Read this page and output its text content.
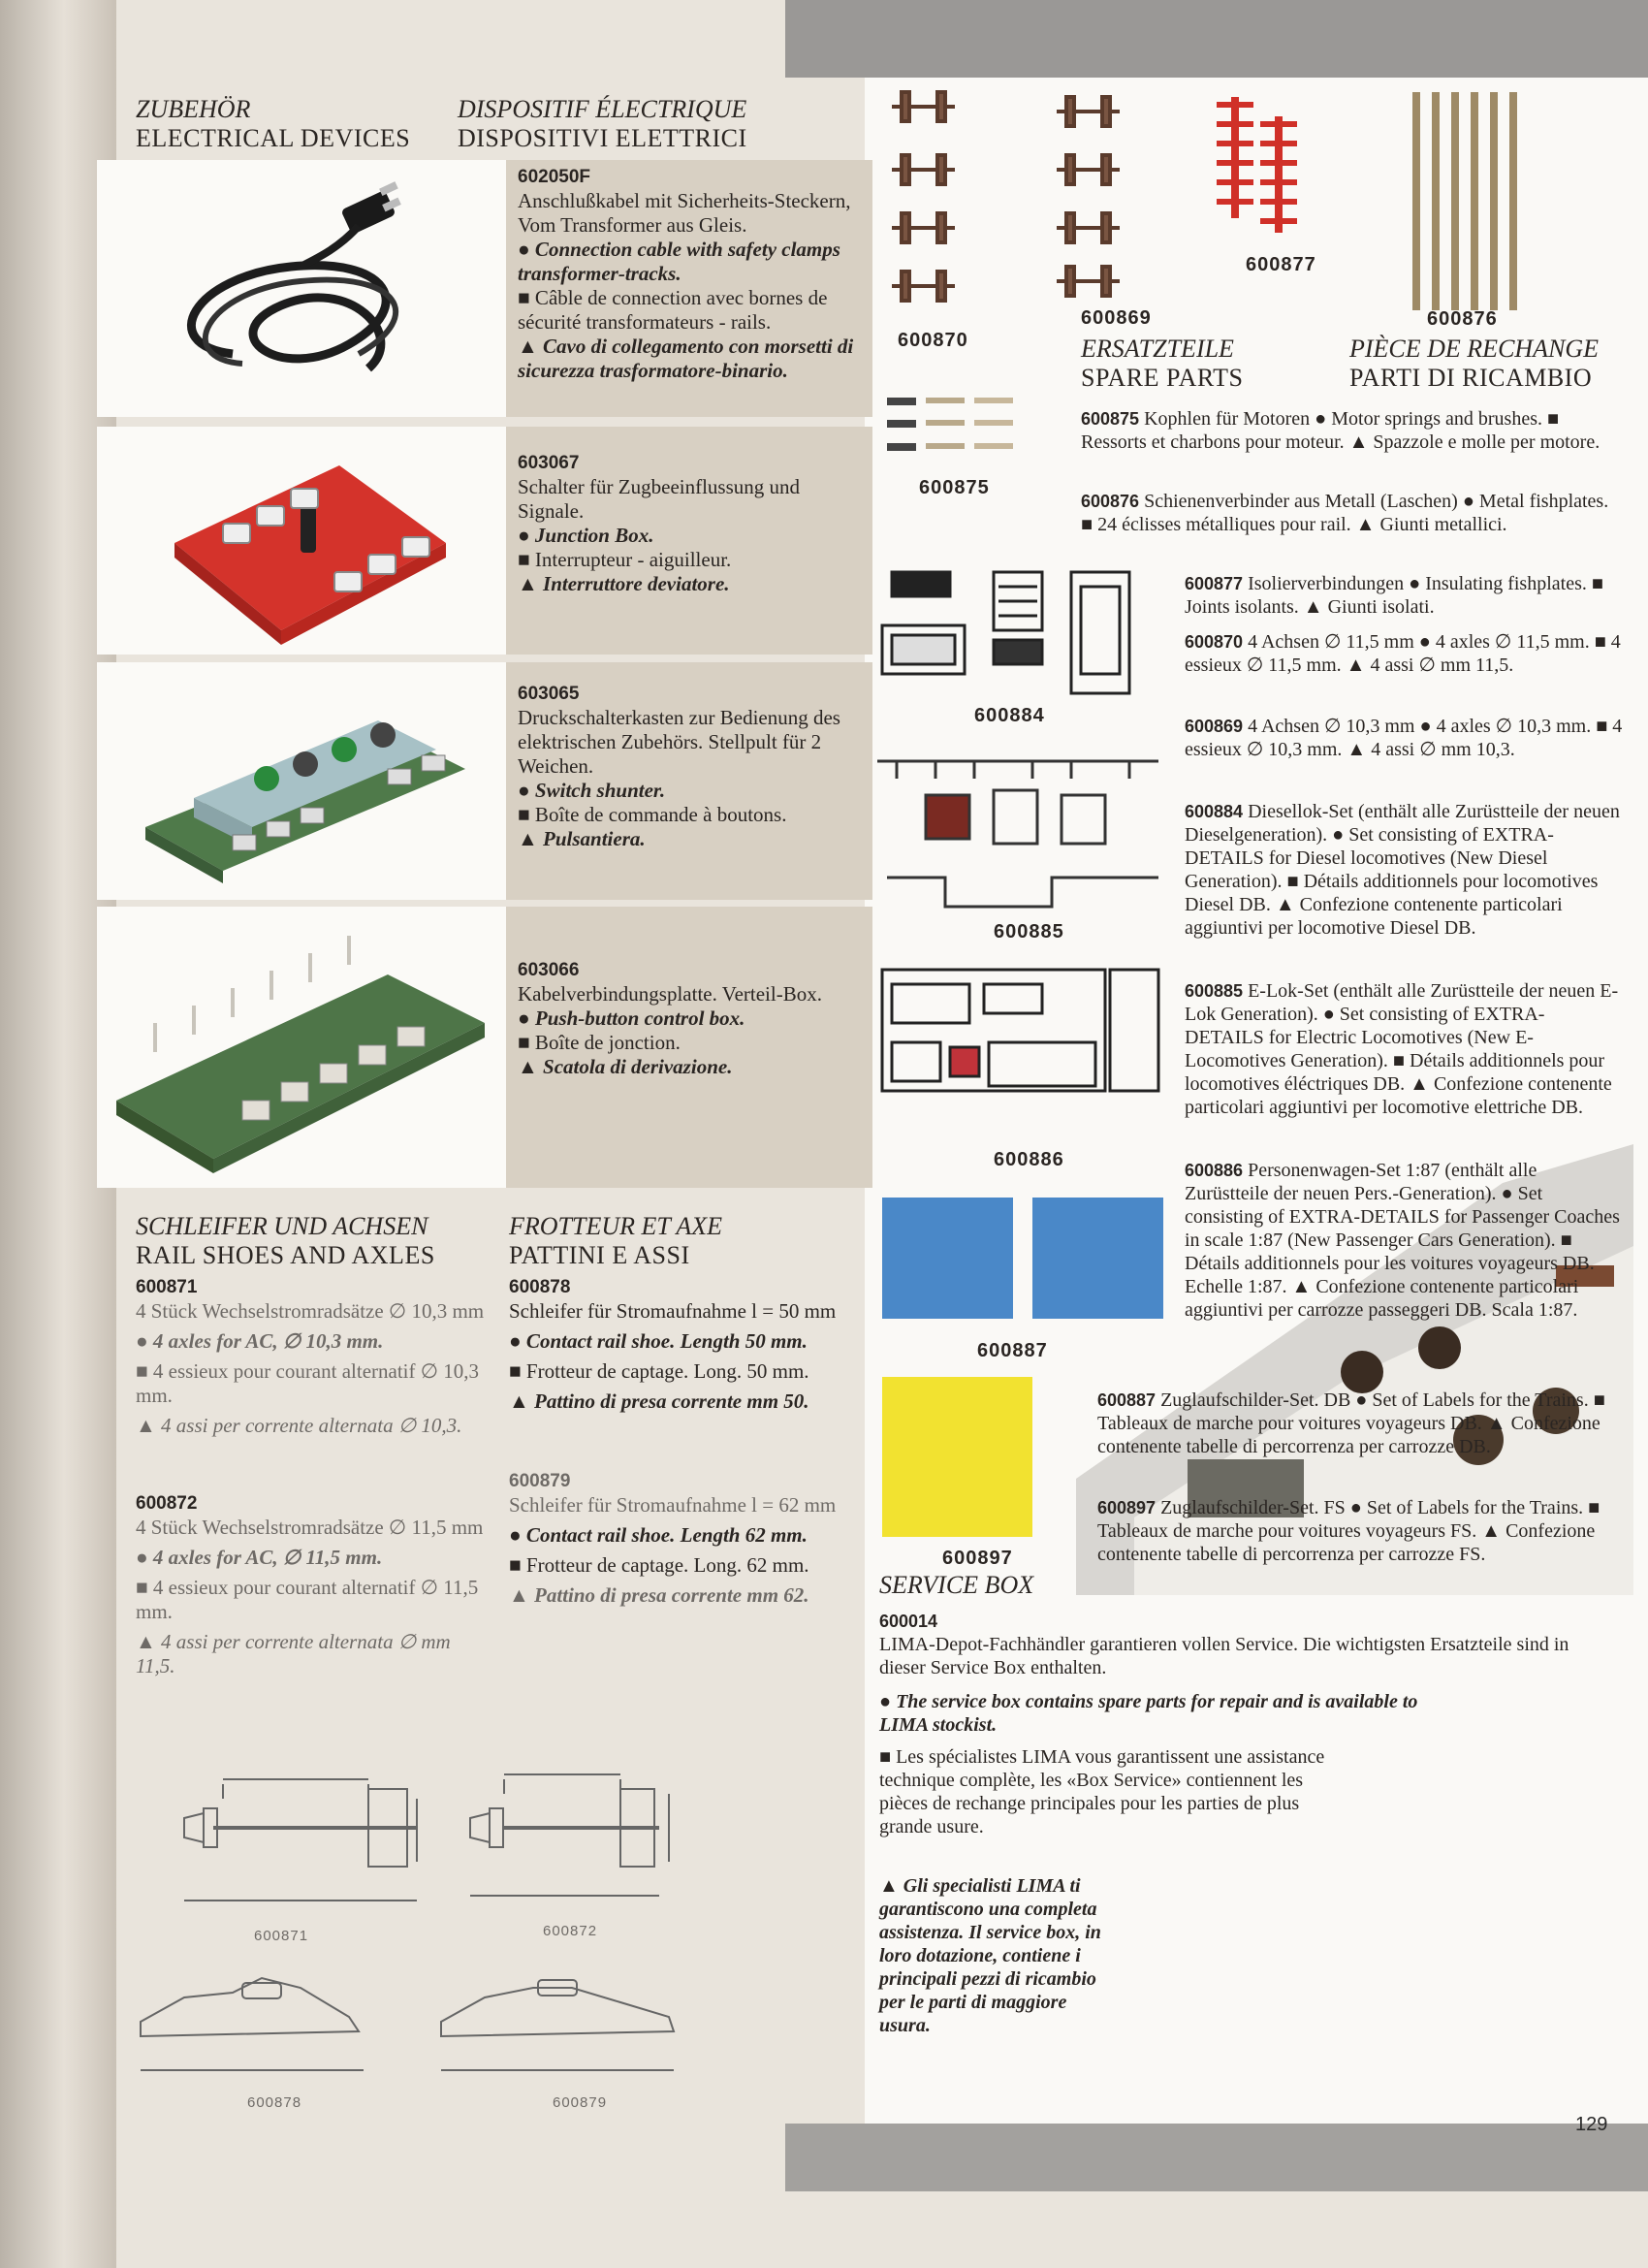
129
ZUBEHÖR
ELECTRICAL DEVICES
DISPOSITIF ÉLECTRIQUE
DISPOSITIVI ELETTRICI

602050F

Anschlußkabel mit Sicherheits-Steckern, Vom Transformer aus Gleis.

● Connection cable with safety clamps transformer-tracks.

■ Câble de connection avec bornes de sécurité transformateurs - rails.

▲ Cavo di collegamento con morsetti di sicurezza trasformatore-binario.

603067

Schalter für Zugbeeinflussung und Signale.

● Junction Box.

■ Interrupteur - aiguilleur.

▲ Interruttore deviatore.

603065

Druckschalterkasten zur Bedienung des elektrischen Zubehörs. Stellpult für 2 Weichen.

● Switch shunter.

■ Boîte de commande à boutons.

▲ Pulsantiera.

603066

Kabelverbindungsplatte. Verteil-Box.

● Push-button control box.

■ Boîte de jonction.

▲ Scatola di derivazione.

SCHLEIFER UND ACHSEN
RAIL SHOES AND AXLES
FROTTEUR ET AXE
PATTINI E ASSI

600871

4 Stück Wechselstromradsätze ∅ 10,3 mm

● 4 axles for AC, ∅ 10,3 mm.

■ 4 essieux pour courant alternatif ∅ 10,3 mm.

▲ 4 assi per corrente alternata ∅ 10,3.

600872

4 Stück Wechselstromradsätze ∅ 11,5 mm

● 4 axles for AC, ∅ 11,5 mm.

■ 4 essieux pour courant alternatif ∅ 11,5 mm.

▲ 4 assi per corrente alternata ∅ mm 11,5.

600878

Schleifer für Stromaufnahme l = 50 mm

● Contact rail shoe. Length 50 mm.

■ Frotteur de captage. Long. 50 mm.

▲ Pattino di presa corrente mm 50.

600879

Schleifer für Stromaufnahme l = 62 mm

● Contact rail shoe. Length 62 mm.

■ Frotteur de captage. Long. 62 mm.

▲ Pattino di presa corrente mm 62.

600871	600872
600878	600879
600870
600869
600877
600876
600875
600884
600885
600886
600887
600897
ERSATZTEILE
SPARE PARTS
PIÈCE DE RECHANGE
PARTI DI RICAMBIO

600875 Kophlen für Motoren ● Motor springs and brushes. ■ Ressorts et charbons pour moteur. ▲ Spazzole e molle per motore.

600876 Schienenverbinder aus Metall (Laschen) ● Metal fishplates. ■ 24 éclisses métalliques pour rail. ▲ Giunti metallici.

600877 Isolierverbindungen ● Insulating fishplates. ■ Joints isolants. ▲ Giunti isolati.

600870 4 Achsen ∅ 11,5 mm ● 4 axles ∅ 11,5 mm. ■ 4 essieux ∅ 11,5 mm. ▲ 4 assi ∅ mm 11,5.

600869 4 Achsen ∅ 10,3 mm ● 4 axles ∅ 10,3 mm. ■ 4 essieux ∅ 10,3 mm. ▲ 4 assi ∅ mm 10,3.

600884 Diesellok-Set (enthält alle Zurüstteile der neuen Dieselgeneration). ● Set consisting of EXTRA-DETAILS for Diesel locomotives (New Diesel Generation). ■ Détails additionnels pour locomotives Diesel DB. ▲ Confezione contenente particolari aggiuntivi per locomotive Diesel DB.

600885 E-Lok-Set (enthält alle Zurüstteile der neuen E-Lok Generation). ● Set consisting of EXTRA-DETAILS for Electric Locomotives (New E-Locomotives Generation). ■ Détails additionnels pour locomotives éléctriques DB. ▲ Confezione contenente particolari aggiuntivi per locomotive elettriche DB.

600886 Personenwagen-Set 1:87 (enthält alle Zurüstteile der neuen Pers.-Generation). ● Set consisting of EXTRA-DETAILS for Passenger Coaches in scale 1:87 (New Passenger Cars Generation). ■ Détails additionnels pour les voitures voyageurs DB. Echelle 1:87. ▲ Confezione contenente particolari aggiuntivi per carrozze passeggeri DB. Scala 1:87.

600887 Zuglaufschilder-Set. DB ● Set of Labels for the Trains. ■ Tableaux de marche pour voitures voyageurs DB. ▲ Confezione contenente tabelle di percorrenza per carrozze DB.

600897 Zuglaufschilder-Set. FS ● Set of Labels for the Trains. ■ Tableaux de marche pour voitures voyageurs FS. ▲ Confezione contenente tabelle di percorrenza per carrozze FS.

SERVICE BOX

600014

LIMA-Depot-Fachhändler garantieren vollen Service. Die wichtigsten Ersatzteile sind in dieser Service Box enthalten.

● The service box contains spare parts for repair and is available to LIMA stockist.

■ Les spécialistes LIMA vous garantissent une assistance technique complète, les «Box Service» contiennent les pièces de rechange principales pour les parties de plus grande usure.

▲ Gli specialisti LIMA ti garantiscono una completa assistenza. Il service box, in loro dotazione, contiene i principali pezzi di ricambio per le parti di maggiore usura.
